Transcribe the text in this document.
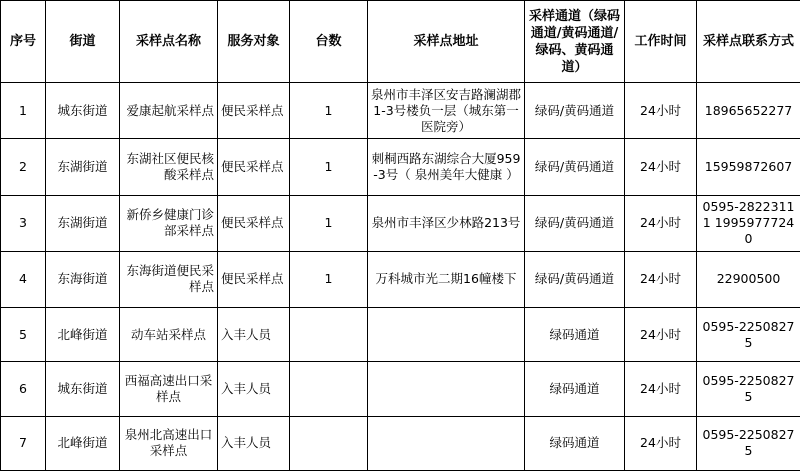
序号	街道	采样点名称	服务对象	台数	采样点地址	采样通道（绿码通道/黄码通道/绿码、黄码通道）	工作时间	采样点联系方式
1	城东街道	爱康起航采样点	便民采样点	1	泉州市丰泽区安吉路澜湖郡1-3号楼负一层（城东第一医院旁）	绿码/黄码通道	24小时	18965652277
2	东湖街道	东湖社区便民核酸采样点	便民采样点	1	刺桐西路东湖综合大厦959-3号（ 泉州美年大健康 ）	绿码/黄码通道	24小时	15959872607
3	东湖街道	新侨乡健康门诊部采样点	便民采样点	1	泉州市丰泽区少林路213号	绿码/黄码通道	24小时	0595-28223111 19959777240
4	东海街道	东海街道便民采样点	便民采样点	1	万科城市光二期16幢楼下	绿码/黄码通道	24小时	22900500
5	北峰街道	动车站采样点	入丰人员			绿码通道	24小时	0595-22508275
6	城东街道	西福高速出口采样点	入丰人员			绿码通道	24小时	0595-22508275
7	北峰街道	泉州北高速出口采样点	入丰人员			绿码通道	24小时	0595-22508275
